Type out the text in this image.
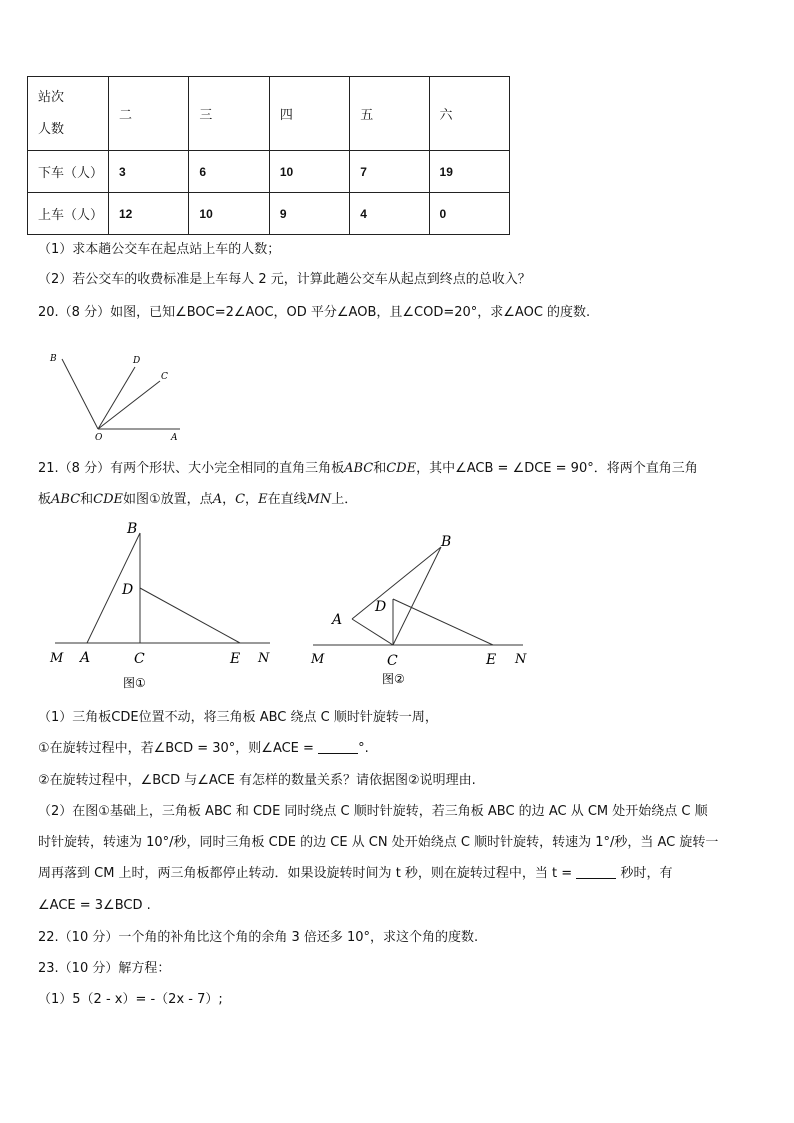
站次
人数	二	三	四	五	六
下车（人）	3	6	10	7	19
上车（人）	12	10	9	4	0
（1）求本趟公交车在起点站上车的人数；
（2）若公交车的收费标准是上车每人 2 元，计算此趟公交车从起点到终点的总收入？
20.（8 分）如图，已知∠BOC=2∠AOC，OD 平分∠AOB，且∠COD=20°，求∠AOC 的度数.
B	D
C
O	A
21.（8 分）有两个形状、大小完全相同的直角三角板ABC和CDE，其中∠ACB = ∠DCE = 90°．将两个直角三角
板ABC和CDE如图①放置，点A，C，E在直线MN上．
B
D
M A	C	E N
图①
B
D
A
M	C	E N
图②
（1）三角板CDE位置不动，将三角板 ABC 绕点 C 顺时针旋转一周，
①在旋转过程中，若∠BCD = 30°，则∠ACE =	°.
②在旋转过程中，∠BCD 与∠ACE 有怎样的数量关系？请依据图②说明理由.
（2）在图①基础上，三角板 ABC 和 CDE 同时绕点 C 顺时针旋转，若三角板 ABC 的边 AC 从 CM 处开始绕点 C 顺
时针旋转，转速为 10°/秒，同时三角板 CDE 的边 CE 从 CN 处开始绕点 C 顺时针旋转，转速为 1°/秒，当 AC 旋转一
周再落到 CM 上时，两三角板都停止转动．如果设旋转时间为 t 秒，则在旋转过程中，当 t =	秒时，有
∠ACE = 3∠BCD .
22.（10 分）一个角的补角比这个角的余角 3 倍还多 10°，求这个角的度数.
23.（10 分）解方程：
（1）5（2 - x）= -（2x - 7）;
